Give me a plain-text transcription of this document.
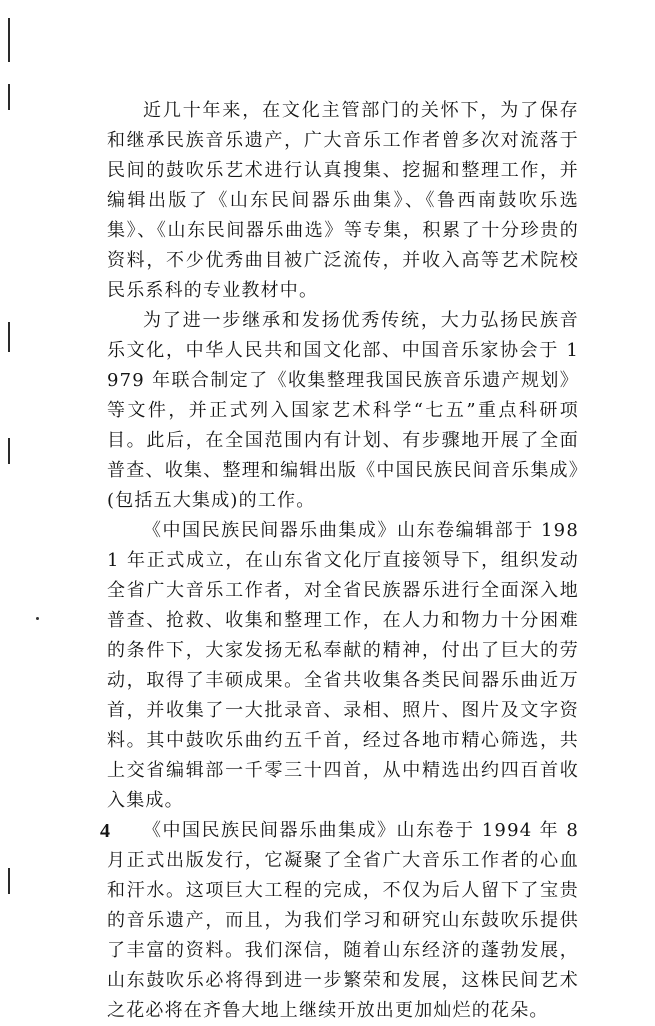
近几十年来，在文化主管部门的关怀下，为了保存和继承民族音乐遗产，广大音乐工作者曾多次对流落于民间的鼓吹乐艺术进行认真搜集、挖掘和整理工作，并编辑出版了《山东民间器乐曲集》、《鲁西南鼓吹乐选集》、《山东民间器乐曲选》等专集，积累了十分珍贵的资料，不少优秀曲目被广泛流传，并收入高等艺术院校民乐系科的专业教材中。

为了进一步继承和发扬优秀传统，大力弘扬民族音乐文化，中华人民共和国文化部、中国音乐家协会于 1979 年联合制定了《收集整理我国民族音乐遗产规划》等文件，并正式列入国家艺术科学“七五”重点科研项目。此后，在全国范围内有计划、有步骤地开展了全面普查、收集、整理和编辑出版《中国民族民间音乐集成》(包括五大集成)的工作。

《中国民族民间器乐曲集成》山东卷编辑部于 1981 年正式成立，在山东省文化厅直接领导下，组织发动全省广大音乐工作者，对全省民族器乐进行全面深入地普查、抢救、收集和整理工作，在人力和物力十分困难的条件下，大家发扬无私奉献的精神，付出了巨大的劳动，取得了丰硕成果。全省共收集各类民间器乐曲近万首，并收集了一大批录音、录相、照片、图片及文字资料。其中鼓吹乐曲约五千首，经过各地市精心筛选，共上交省编辑部一千零三十四首，从中精选出约四百首收入集成。

《中国民族民间器乐曲集成》山东卷于 1994 年 8 月正式出版发行，它凝聚了全省广大音乐工作者的心血和汗水。这项巨大工程的完成，不仅为后人留下了宝贵的音乐遗产，而且，为我们学习和研究山东鼓吹乐提供了丰富的资料。我们深信，随着山东经济的蓬勃发展，山东鼓吹乐必将得到进一步繁荣和发展，这株民间艺术之花必将在齐鲁大地上继续开放出更加灿烂的花朵。

4
